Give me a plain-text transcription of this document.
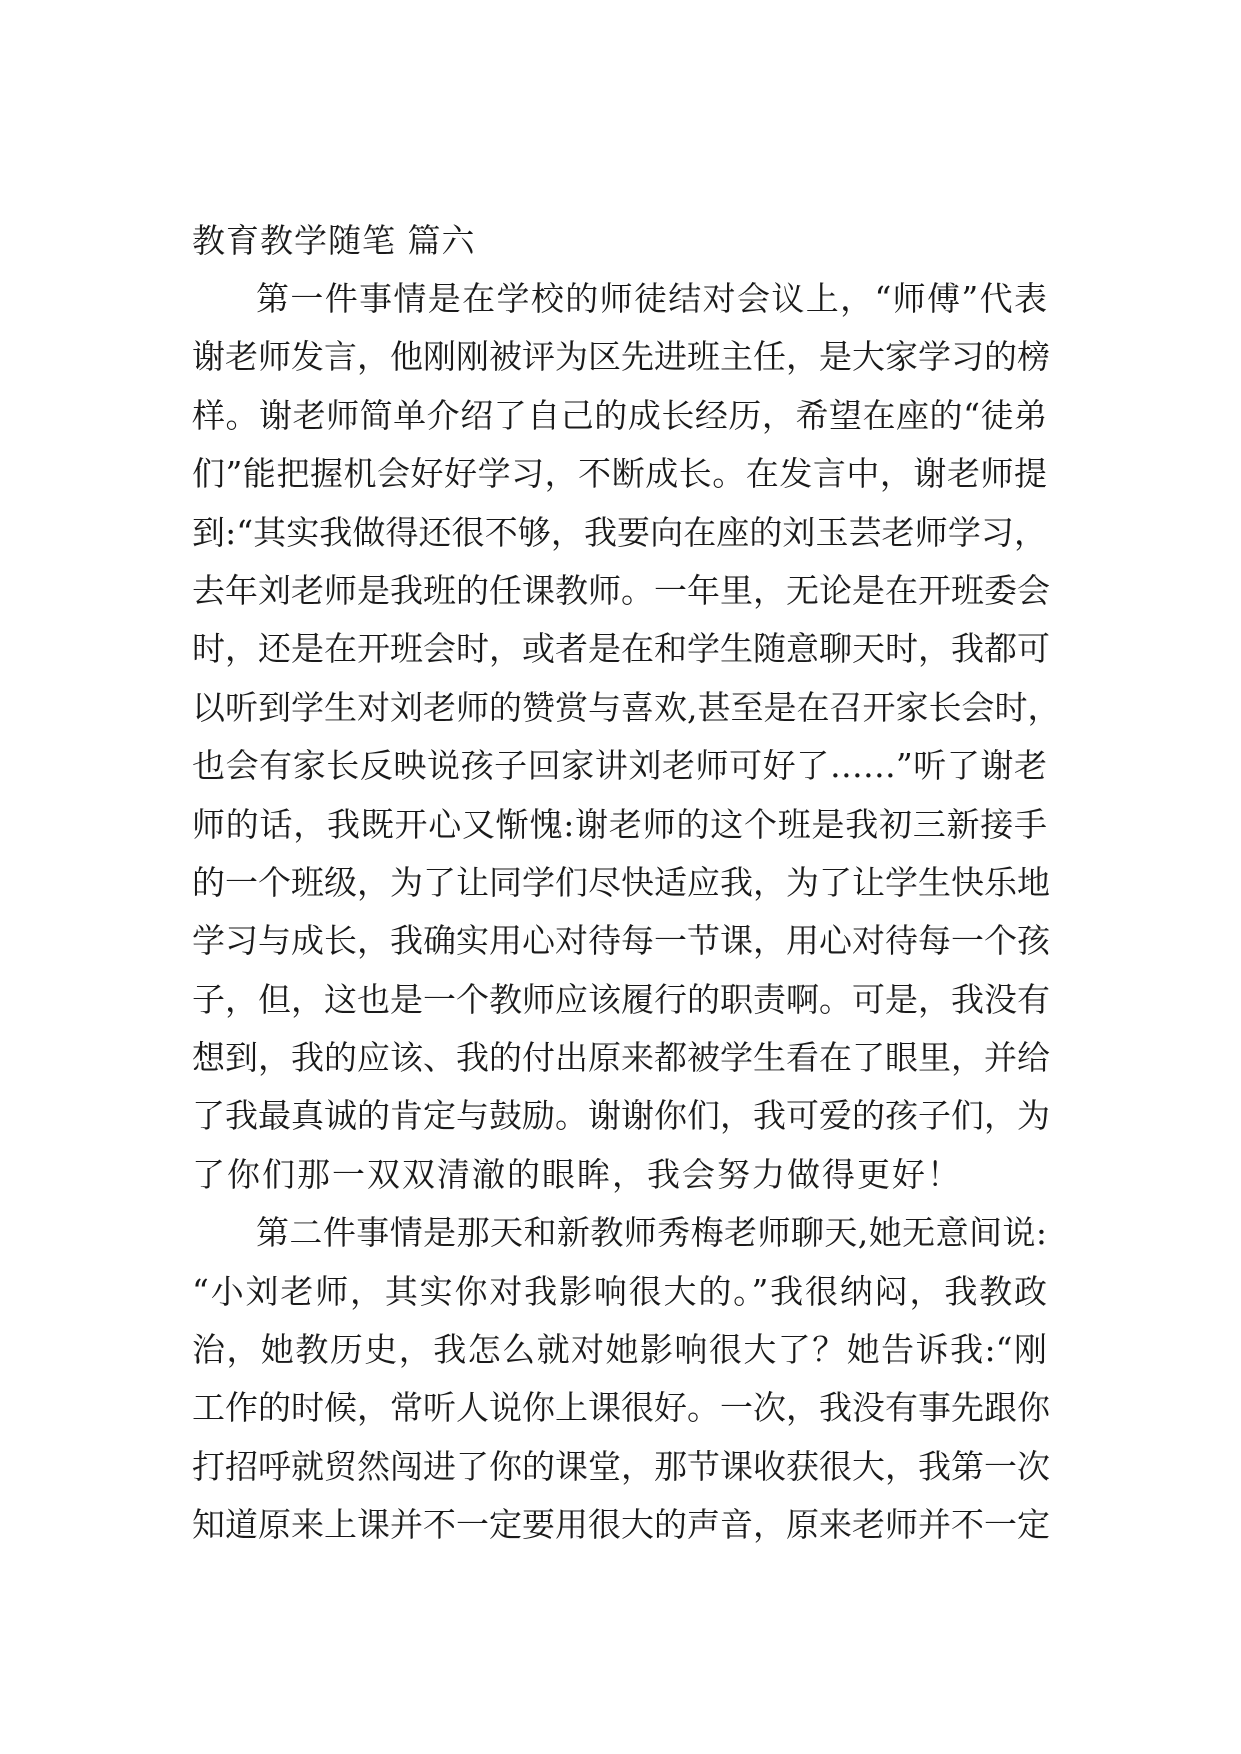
教育教学随笔 篇六
第一件事情是在学校的师徒结对会议上，“师傅”代表
谢老师发言，他刚刚被评为区先进班主任，是大家学习的榜
样。谢老师简单介绍了自己的成长经历，希望在座的“徒弟
们”能把握机会好好学习，不断成长。在发言中，谢老师提
到:“其实我做得还很不够，我要向在座的刘玉芸老师学习，
去年刘老师是我班的任课教师。一年里，无论是在开班委会
时，还是在开班会时，或者是在和学生随意聊天时，我都可
以听到学生对刘老师的赞赏与喜欢,甚至是在召开家长会时，
也会有家长反映说孩子回家讲刘老师可好了……”听了谢老
师的话，我既开心又惭愧:谢老师的这个班是我初三新接手
的一个班级，为了让同学们尽快适应我，为了让学生快乐地
学习与成长，我确实用心对待每一节课，用心对待每一个孩
子，但，这也是一个教师应该履行的职责啊。可是，我没有
想到，我的应该、我的付出原来都被学生看在了眼里，并给
了我最真诚的肯定与鼓励。谢谢你们，我可爱的孩子们，为
了你们那一双双清澈的眼眸，我会努力做得更好！
第二件事情是那天和新教师秀梅老师聊天,她无意间说:
“小刘老师，其实你对我影响很大的。”我很纳闷，我教政
治，她教历史，我怎么就对她影响很大了？她告诉我:“刚
工作的时候，常听人说你上课很好。一次，我没有事先跟你
打招呼就贸然闯进了你的课堂，那节课收获很大，我第一次
知道原来上课并不一定要用很大的声音，原来老师并不一定
